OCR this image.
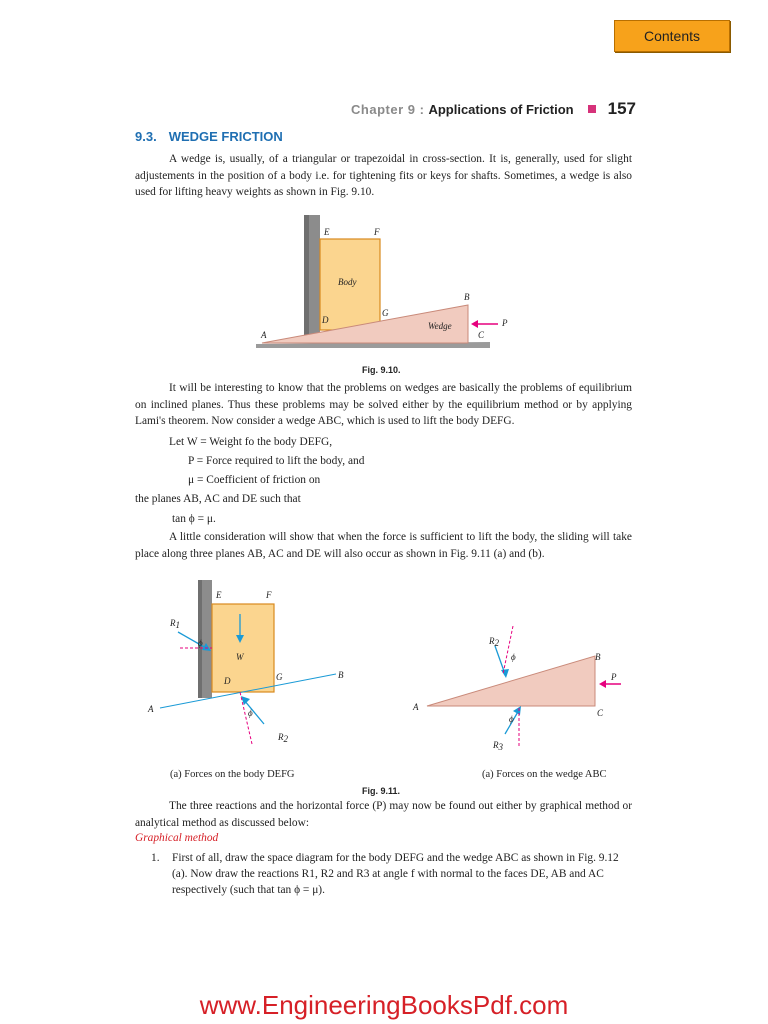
Contents
Chapter 9 : Applications of Friction 157
9.3. WEDGE FRICTION

A wedge is, usually, of a triangular or trapezoidal in cross-section. It is, generally, used for slight adjustements in the position of a body i.e. for tightening fits or keys for shafts. Sometimes, a wedge is also used for lifting heavy weights as shown in Fig. 9.10.

E	F
Body
B
D
G
Wedge	P
A	C
Fig. 9.10.

It will be interesting to know that the problems on wedges are basically the problems of equilibrium on inclined planes. Thus these problems may be solved either by the equilibrium method or by applying Lami's theorem. Now consider a wedge ABC, which is used to lift the body DEFG.

Let W = Weight fo the body DEFG,

P = Force required to lift the body, and

μ = Coefficient of friction on

the planes AB, AC and DE such that

tan ϕ = μ.

A little consideration will show that when the force is sufficient to lift the body, the sliding will take place along three planes AB, AC and DE will also occur as shown in Fig. 9.11 (a) and (b).

E	F
R1
ϕ
W
D	G	B
A	ϕ
R2
R2
ϕ	B
P
A
C
ϕ
R3
(a) Forces on the body DEFG	(a) Forces on the wedge ABC
Fig. 9.11.

The three reactions and the horizontal force (P) may now be found out either by graphical method or analytical method as discussed below:

Graphical method
1. First of all, draw the space diagram for the body DEFG and the wedge ABC as shown in Fig. 9.12 (a). Now draw the reactions R1, R2 and R3 at angle f with normal to the faces DE, AB and AC respectively (such that tan ϕ = μ).
www.EngineeringBooksPdf.com
